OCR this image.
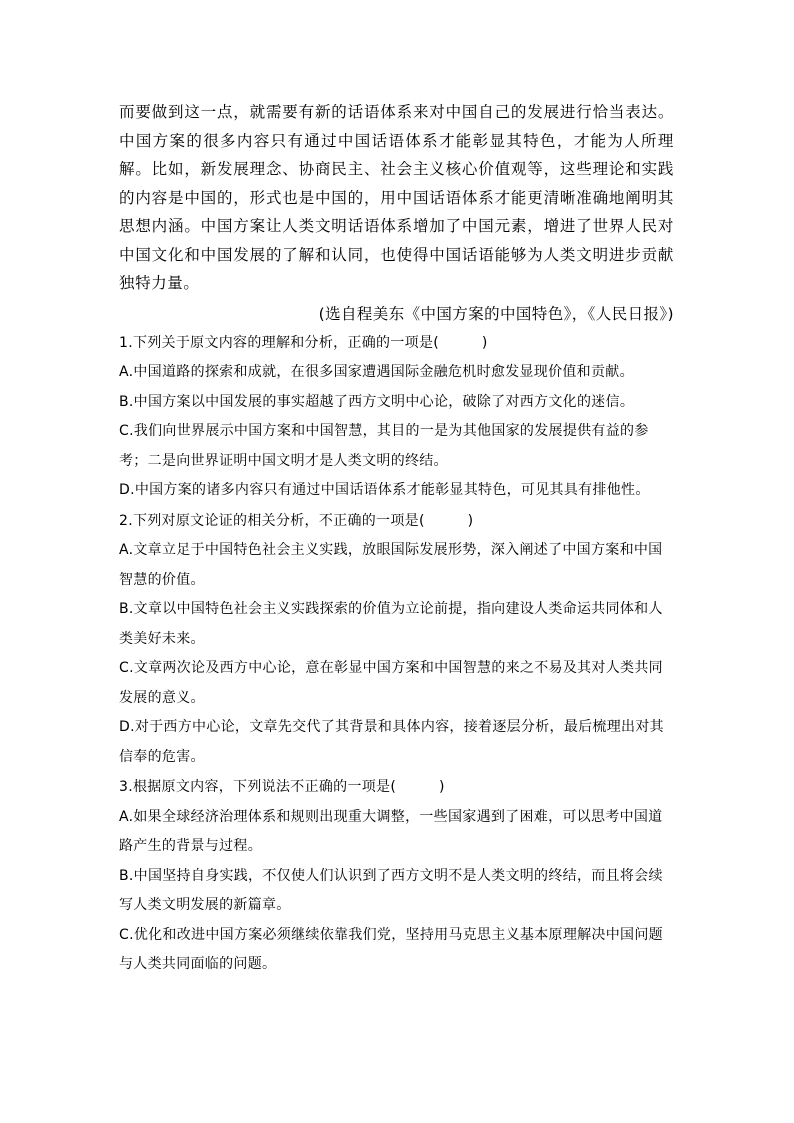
而要做到这一点，就需要有新的话语体系来对中国自己的发展进行恰当表达。中国方案的很多内容只有通过中国话语体系才能彰显其特色，才能为人所理解。比如，新发展理念、协商民主、社会主义核心价值观等，这些理论和实践的内容是中国的，形式也是中国的，用中国话语体系才能更清晰准确地阐明其思想内涵。中国方案让人类文明话语体系增加了中国元素，增进了世界人民对中国文化和中国发展的了解和认同，也使得中国话语能够为人类文明进步贡献独特力量。

(选自程美东《中国方案的中国特色》，《人民日报》)

1.下列关于原文内容的理解和分析，正确的一项是(　　　)

A.中国道路的探索和成就，在很多国家遭遇国际金融危机时愈发显现价值和贡献。

B.中国方案以中国发展的事实超越了西方文明中心论，破除了对西方文化的迷信。

C.我们向世界展示中国方案和中国智慧，其目的一是为其他国家的发展提供有益的参考；二是向世界证明中国文明才是人类文明的终结。

D.中国方案的诸多内容只有通过中国话语体系才能彰显其特色，可见其具有排他性。

2.下列对原文论证的相关分析，不正确的一项是(　　　)

A.文章立足于中国特色社会主义实践，放眼国际发展形势，深入阐述了中国方案和中国智慧的价值。

B.文章以中国特色社会主义实践探索的价值为立论前提，指向建设人类命运共同体和人类美好未来。

C.文章两次论及西方中心论，意在彰显中国方案和中国智慧的来之不易及其对人类共同发展的意义。

D.对于西方中心论，文章先交代了其背景和具体内容，接着逐层分析，最后梳理出对其信奉的危害。

3.根据原文内容，下列说法不正确的一项是(　　　)

A.如果全球经济治理体系和规则出现重大调整，一些国家遇到了困难，可以思考中国道路产生的背景与过程。

B.中国坚持自身实践，不仅使人们认识到了西方文明不是人类文明的终结，而且将会续写人类文明发展的新篇章。

C.优化和改进中国方案必须继续依靠我们党，坚持用马克思主义基本原理解决中国问题与人类共同面临的问题。
